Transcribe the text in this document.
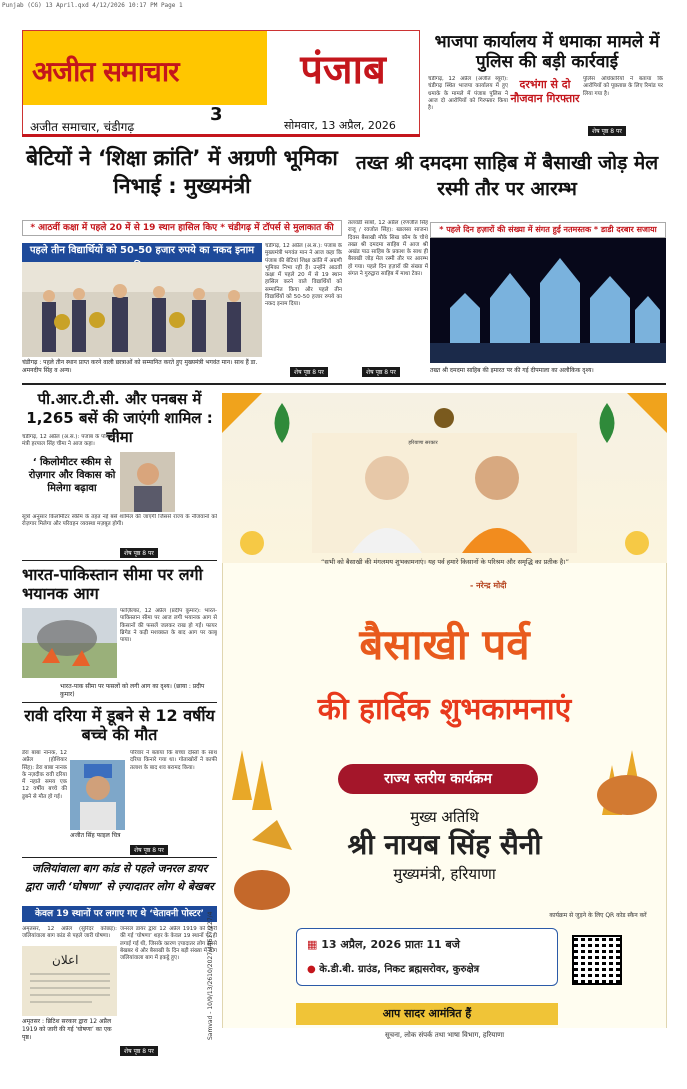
Punjab (CG) 13 April.qxd 4/12/2026 10:17 PM Page 1
अजीत समाचार	पंजाब
3
अजीत समाचार, चंडीगढ़	सोमवार, 13 अप्रैल, 2026
भाजपा कार्यालय में धमाका मामले में पुलिस की बड़ी कार्रवाई
चंडीगढ़, 12 अप्रैल (अजीत ब्यूरो): चंडीगढ़ स्थित भाजपा कार्यालय में हुए धमाके के मामले में पंजाब पुलिस ने आज दो आरोपियों को गिरफ्तार किया है।
दरभंगा से दो नौजवान गिरफ्तार
पुलिस अधिकारियों ने बताया कि आरोपियों को पूछताछ के लिए रिमांड पर लिया गया है।
शेष पृष्ठ 8 पर
बेटियों ने ‘शिक्षा क्रांति’ में अग्रणी भूमिका निभाई : मुख्यमंत्री
* आठवीं कक्षा में पहले 20 में से 19 स्थान हासिल किए * चंडीगढ़ में टॉपर्स से मुलाकात की
पहले तीन विद्यार्थियों को 50-50 हजार रुपये का नकद इनाम
चंडीगढ़ : पहले तीन स्थान प्राप्त करने वाली छात्राओं को सम्मानित करते हुए मुख्यमंत्री भगवंत मान। साथ हैं डा. अमनदीप सिंह व अन्य।
चंडीगढ़, 12 अप्रैल (अ.स.): पंजाब के मुख्यमंत्री भगवंत मान ने आज कहा कि पंजाब की बेटियां शिक्षा क्रांति में अग्रणी भूमिका निभा रही हैं। उन्होंने आठवीं कक्षा में पहले 20 में से 19 स्थान हासिल करने वाले विद्यार्थियों को सम्मानित किया और पहले तीन विद्यार्थियों को 50-50 हजार रुपये का नकद इनाम दिया।
शेष पृष्ठ 8 पर
तख्त श्री दमदमा साहिब में बैसाखी जोड़ मेल रस्मी तौर पर आरम्भ
तलवंडी साबो, 12 अप्रैल (रणजीत सिंह राजू / रवजोत सिंह): खालसा साजना दिवस बैसाखी मौके सिख कौम के चौथे तख्त श्री दमदमा साहिब में आज श्री अखंड पाठ साहिब के प्रकाश के साथ ही बैसाखी जोड़ मेल रस्मी तौर पर आरम्भ हो गया। पहले दिन हज़ारों की संख्या में संगत ने गुरुद्वारा साहिब में माथा टेका।
शेष पृष्ठ 8 पर
* पहले दिन हज़ारों की संख्या में संगत हुई नतमस्तक * डाडी दरबार सजाया
तख्त श्री दमदमा साहिब की इमारत पर की गई दीपमाला का अलौकिक दृश्य।
पी.आर.टी.सी. और पनबस में 1,265 बसें की जाएंगी शामिल : चीमा
चंडीगढ़, 12 अप्रैल (अ.स.): पंजाब के परिवहन मंत्री हरपाल सिंह चीमा ने आज कहा।
‘ किलोमीटर स्कीम से रोज़गार और विकास को मिलेगा बढ़ावा
सूत्रों अनुसार किलोमीटर स्कीम के तहत नई बसें शामिल की जाएंगी जिससे राज्य के नौजवानों को रोज़गार मिलेगा और परिवहन व्यवस्था मज़बूत होगी।
शेष पृष्ठ 8 पर
भारत-पाकिस्तान सीमा पर लगी भयानक आग
फाज़िल्का, 12 अप्रैल (प्रदीप कुमार): भारत-पाकिस्तान सीमा पर आज लगी भयानक आग से किसानों की फसलें जलकर राख हो गईं। फायर ब्रिगेड ने कड़ी मशक्कत के बाद आग पर काबू पाया।
भारत-पाक सीमा पर फसलों को लगी आग का दृश्य। (छाया : प्रदीप कुमार)
रावी दरिया में डूबने से 12 वर्षीय बच्चे की मौत
डेरा बाबा नानक, 12 अप्रैल (होशियार सिंह): डेरा बाबा नानक के नज़दीक रावी दरिया में नहाते समय एक 12 वर्षीय बच्चे की डूबने से मौत हो गई।
अजीत सिंह फाइल चित्र
परिवार ने बताया कि बच्चा दोस्तों के साथ दरिया किनारे गया था। गोताखोरों ने काफी तलाश के बाद शव बरामद किया।
शेष पृष्ठ 8 पर
जलियांवाला बाग कांड से पहले जनरल डायर द्वारा जारी ‘घोषणा’ से ज़्यादातर लोग थे बेखबर
केवल 19 स्थानों पर लगाए गए थे ‘चेतावनी पोस्टर’
अमृतसर, 12 अप्रैल (सुरिंदर कोछड़): जलियांवाला बाग कांड से पहले जारी घोषणा।
اعلان
अमृतसर : ब्रिटिश सरकार द्वारा 12 अप्रैल 1919 को जारी की गई ‘घोषणा’ का एक पृष्ठ।
जनरल डायर द्वारा 12 अप्रैल 1919 को जारी की गई ‘घोषणा’ शहर के केवल 19 स्थानों पर ही लगाई गई थी, जिसके कारण ज़्यादातर लोग इससे बेखबर थे और बैसाखी के दिन बड़ी संख्या में लोग जलियांवाला बाग में इकट्ठे हुए।
शेष पृष्ठ 8 पर
हरियाणा सरकार
“सभी को बैसाखी की मंगलमय शुभकामनाएं। यह पर्व हमारे किसानों के परिश्रम और समृद्धि का प्रतीक है।”
- नरेन्द्र मोदी
बैसाखी पर्व
की हार्दिक शुभकामनाएं
राज्य स्तरीय कार्यक्रम
मुख्य अतिथि
श्री नायब सिंह सैनी
मुख्यमंत्री, हरियाणा
▦ 13 अप्रैल, 2026 प्रातः 11 बजे
● के.डी.बी. ग्राउंड, निकट ब्रह्मसरोवर, कुरुक्षेत्र
कार्यक्रम से जुड़ने के लिए QR कोड स्कैन करें
आप सादर आमंत्रित हैं
सूचना, लोक संपर्क तथा भाषा विभाग, हरियाणा
Samvad - 10/9/13/2610/2027/44617/227/4
